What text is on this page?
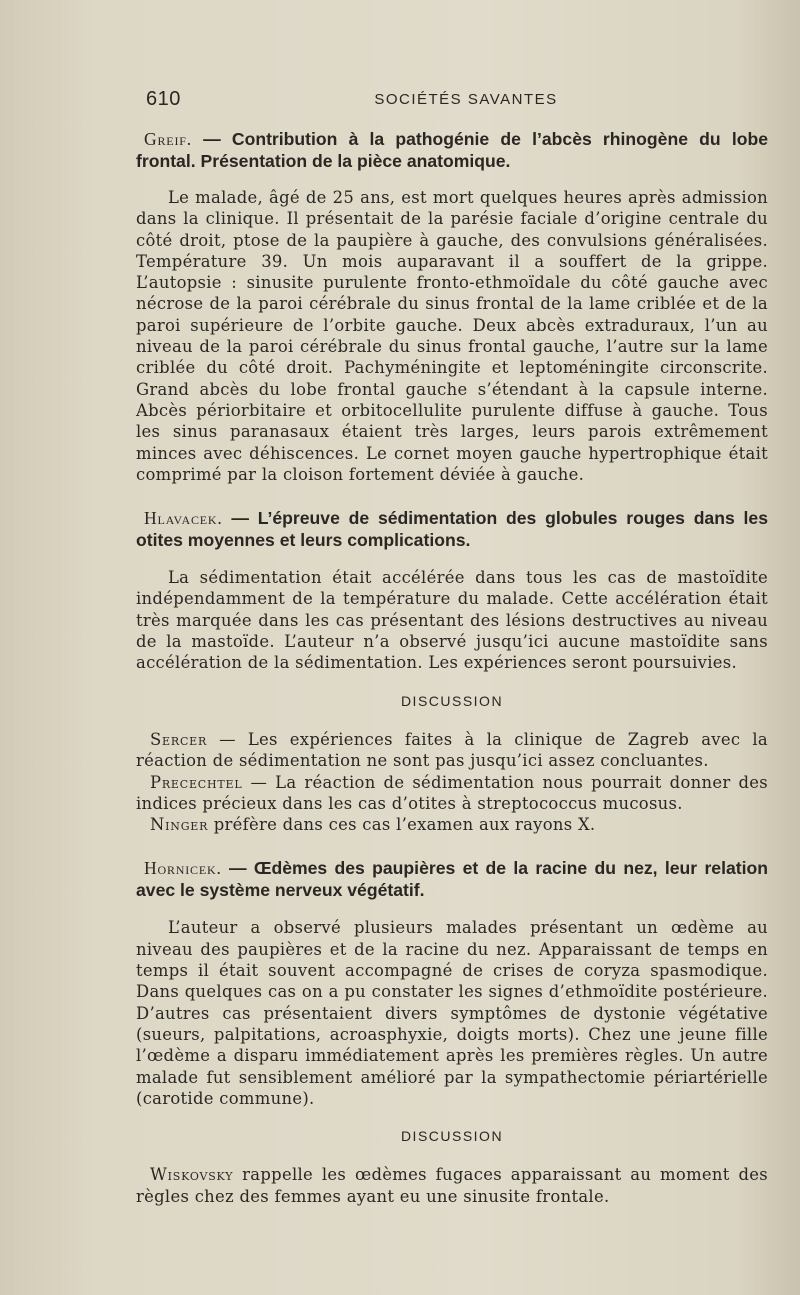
610	SOCIÉTÉS SAVANTES

Greif. — Contribution à la pathogénie de l’abcès rhinogène du lobe frontal. Présentation de la pièce anatomique.

Le malade, âgé de 25 ans, est mort quelques heures après admission dans la clinique. Il présentait de la parésie faciale d’origine centrale du côté droit, ptose de la paupière à gauche, des convulsions généralisées. Température 39. Un mois auparavant il a souffert de la grippe. L’autopsie : sinusite purulente fronto-ethmoïdale du côté gauche avec nécrose de la paroi cérébrale du sinus frontal de la lame criblée et de la paroi supérieure de l’orbite gauche. Deux abcès extraduraux, l’un au niveau de la paroi cérébrale du sinus frontal gauche, l’autre sur la lame criblée du côté droit. Pachyméningite et leptoméningite circonscrite. Grand abcès du lobe frontal gauche s’étendant à la capsule interne. Abcès périorbitaire et orbitocellulite purulente diffuse à gauche. Tous les sinus paranasaux étaient très larges, leurs parois extrêmement minces avec déhiscences. Le cornet moyen gauche hypertrophique était comprimé par la cloison fortement déviée à gauche.

Hlavacek. — L’épreuve de sédimentation des globules rouges dans les otites moyennes et leurs complications.

La sédimentation était accélérée dans tous les cas de mastoïdite indépendamment de la température du malade. Cette accélération était très marquée dans les cas présentant des lésions destructives au niveau de la mastoïde. L’auteur n’a observé jusqu’ici aucune mastoïdite sans accélération de la sédimentation. Les expériences seront poursuivies.

DISCUSSION

Sercer — Les expériences faites à la clinique de Zagreb avec la réaction de sédimentation ne sont pas jusqu’ici assez concluantes.

Precechtel — La réaction de sédimentation nous pourrait donner des indices précieux dans les cas d’otites à streptococcus mucosus.

Ninger préfère dans ces cas l’examen aux rayons X.

Hornicek. — Œdèmes des paupières et de la racine du nez, leur relation avec le système nerveux végétatif.

L’auteur a observé plusieurs malades présentant un œdème au niveau des paupières et de la racine du nez. Apparaissant de temps en temps il était souvent accompagné de crises de coryza spasmodique. Dans quelques cas on a pu constater les signes d’ethmoïdite postérieure. D’autres cas présentaient divers symptômes de dystonie végétative (sueurs, palpitations, acroasphyxie, doigts morts). Chez une jeune fille l’œdème a disparu immédiatement après les premières règles. Un autre malade fut sensiblement amélioré par la sympathectomie périartérielle (carotide commune).

DISCUSSION

Wiskovsky rappelle les œdèmes fugaces apparaissant au moment des règles chez des femmes ayant eu une sinusite frontale.
